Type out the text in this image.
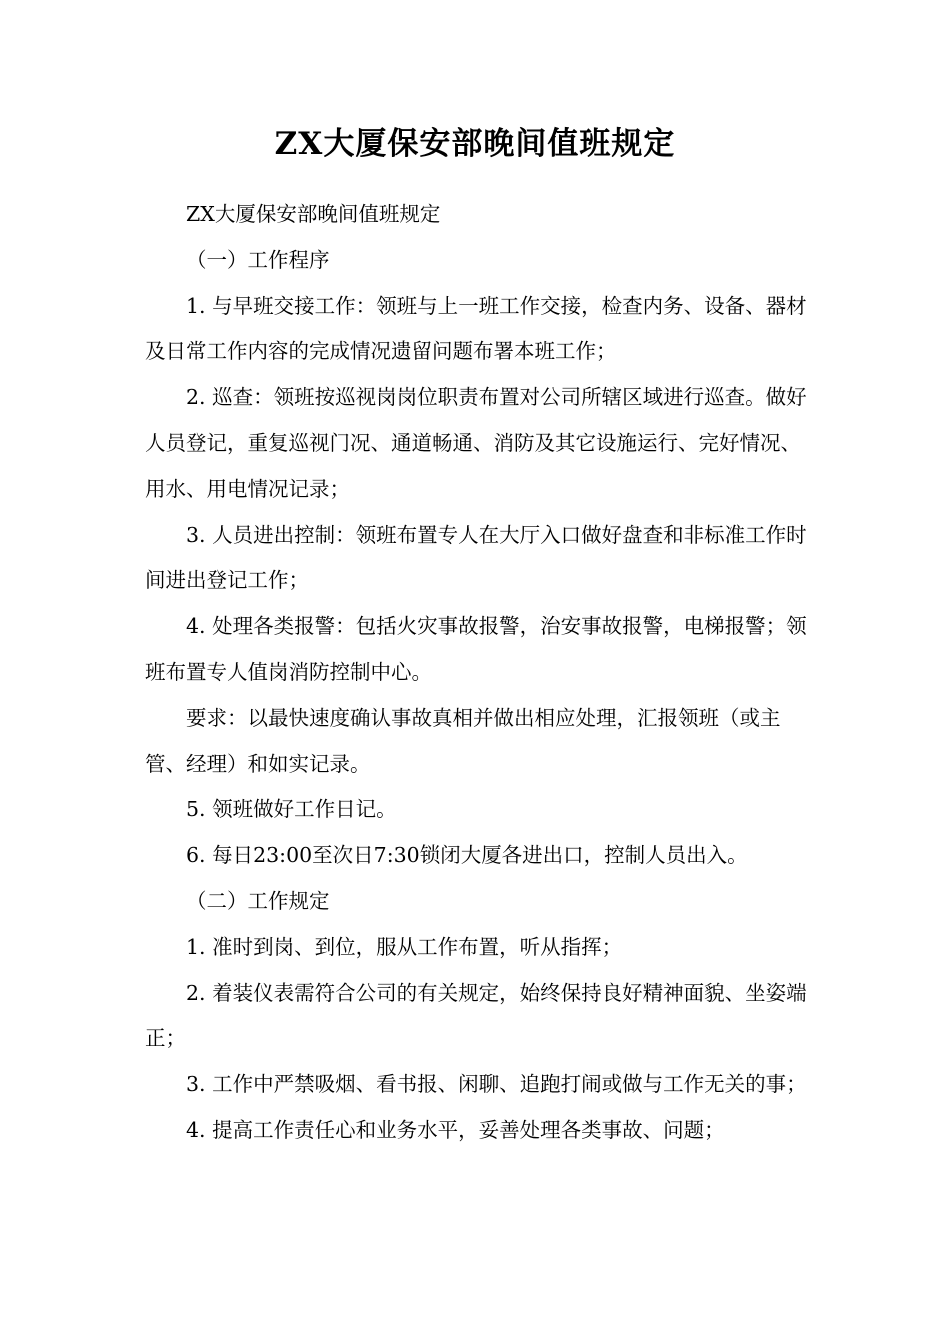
ZX大厦保安部晚间值班规定

ZX大厦保安部晚间值班规定

（一）工作程序

1. 与早班交接工作：领班与上一班工作交接，检查内务、设备、器材及日常工作内容的完成情况遗留问题布署本班工作；

2. 巡查：领班按巡视岗岗位职责布置对公司所辖区域进行巡查。做好人员登记，重复巡视门况、通道畅通、消防及其它设施运行、完好情况、用水、用电情况记录；

3. 人员进出控制：领班布置专人在大厅入口做好盘查和非标准工作时间进出登记工作；

4. 处理各类报警：包括火灾事故报警，治安事故报警，电梯报警；领班布置专人值岗消防控制中心。

要求：以最快速度确认事故真相并做出相应处理，汇报领班（或主管、经理）和如实记录。

5. 领班做好工作日记。

6. 每日23:00至次日7:30锁闭大厦各进出口，控制人员出入。

（二）工作规定

1. 准时到岗、到位，服从工作布置，听从指挥；

2. 着装仪表需符合公司的有关规定，始终保持良好精神面貌、坐姿端正；

3. 工作中严禁吸烟、看书报、闲聊、追跑打闹或做与工作无关的事；

4. 提高工作责任心和业务水平，妥善处理各类事故、问题；
